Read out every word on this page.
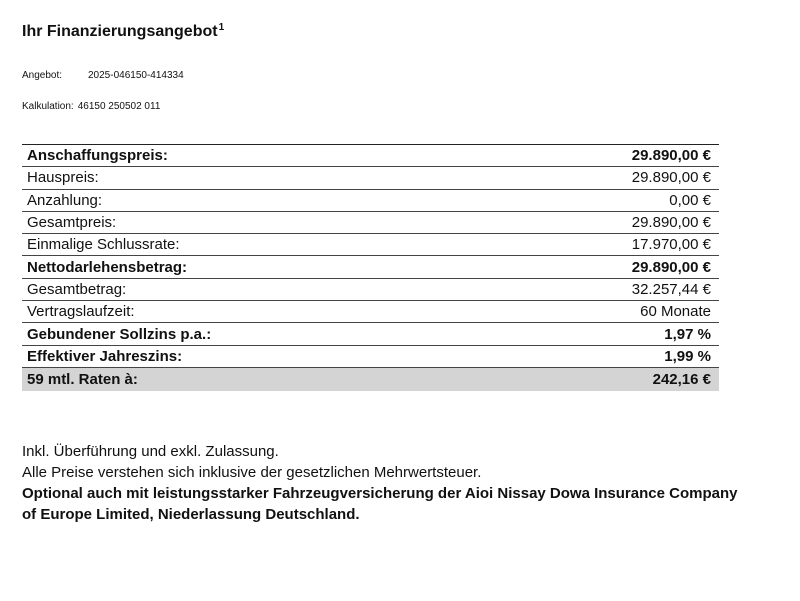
Ihr Finanzierungsangebot$^1$
Angebot:	2025-046150-414334
Kalkulation: 46150 250502 011
Anschaffungspreis:	29.890,00 €
Hauspreis:	29.890,00 €
Anzahlung:	0,00 €
Gesamtpreis:	29.890,00 €
Einmalige Schlussrate:	17.970,00 €
Nettodarlehensbetrag:	29.890,00 €
Gesamtbetrag:	32.257,44 €
Vertragslaufzeit:	60 Monate
Gebundener Sollzins p.a.:	1,97 %
Effektiver Jahreszins:	1,99 %
59 mtl. Raten à:	242,16 €
Inkl. Überführung und exkl. Zulassung.
Alle Preise verstehen sich inklusive der gesetzlichen Mehrwertsteuer.
Optional auch mit leistungsstarker Fahrzeugversicherung der Aioi Nissay Dowa Insurance Company of Europe Limited, Niederlassung Deutschland.
